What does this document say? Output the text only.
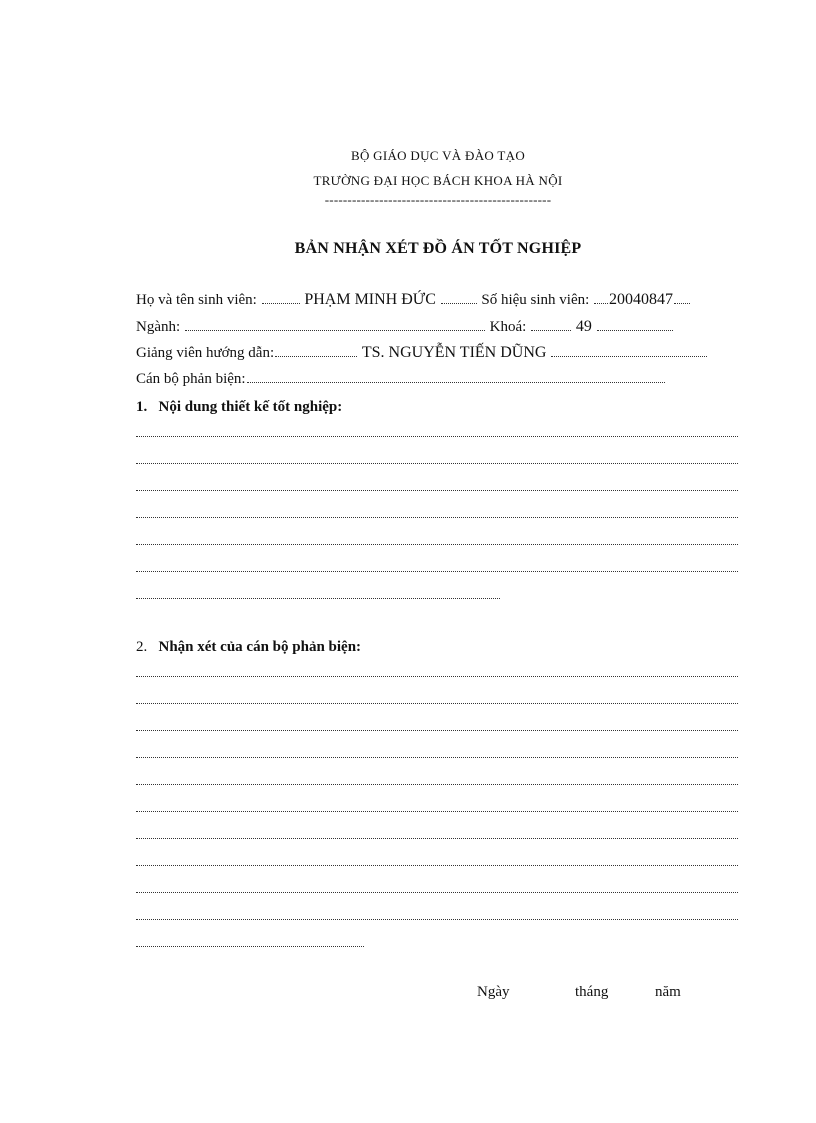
BỘ GIÁO DỤC VÀ ĐÀO TẠO
TRƯỜNG ĐẠI HỌC BÁCH KHOA HÀ NỘI
--------------------------------------------------
BẢN NHẬN XÉT ĐỒ ÁN TỐT NGHIỆP
Họ và tên sinh viên:	PHẠM MINH ĐỨC	Số hiệu sinh viên: 20040847
Ngành:	Khoá:	49
Giảng viên hướng dẫn:	TS. NGUYỄN TIẾN DŨNG
Cán bộ phản biện:
1. Nội dung thiết kế tốt nghiệp:
2. Nhận xét của cán bộ phản biện:
Ngày	tháng	năm
